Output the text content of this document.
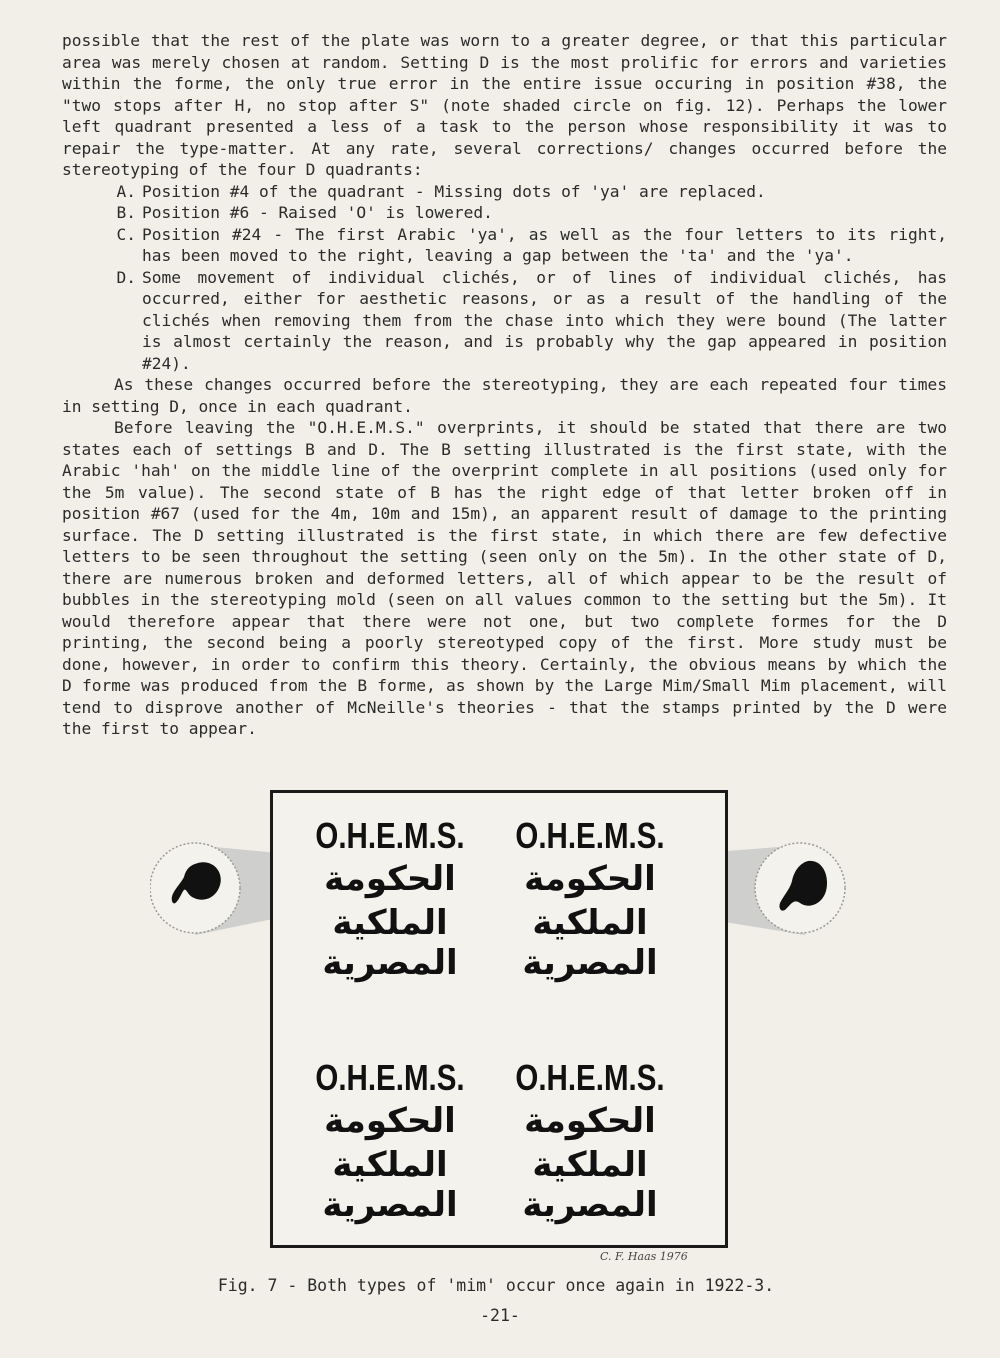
possible that the rest of the plate was worn to a greater degree, or that this particular area was merely chosen at random. Setting D is the most prolific for errors and varieties within the forme, the only true error in the entire issue occuring in position #38, the "two stops after H, no stop after S" (note shaded circle on fig. 12). Perhaps the lower left quadrant presented a less of a task to the person whose responsibility it was to repair the type-matter. At any rate, several corrections/ changes occurred before the stereotyping of the four D quadrants:

A. Position #4 of the quadrant - Missing dots of 'ya' are replaced.
B. Position #6 - Raised 'O' is lowered.
C. Position #24 - The first Arabic 'ya', as well as the four letters to its right, has been moved to the right, leaving a gap between the 'ta' and the 'ya'.
D. Some movement of individual clichés, or of lines of individual clichés, has occurred, either for aesthetic reasons, or as a result of the handling of the clichés when removing them from the chase into which they were bound (The latter is almost certainly the reason, and is probably why the gap appeared in position #24).

As these changes occurred before the stereotyping, they are each repeated four times in setting D, once in each quadrant.

Before leaving the "O.H.E.M.S." overprints, it should be stated that there are two states each of settings B and D. The B setting illustrated is the first state, with the Arabic 'hah' on the middle line of the overprint complete in all positions (used only for the 5m value). The second state of B has the right edge of that letter broken off in position #67 (used for the 4m, 10m and 15m), an apparent result of damage to the printing surface. The D setting illustrated is the first state, in which there are few defective letters to be seen throughout the setting (seen only on the 5m). In the other state of D, there are numerous broken and deformed letters, all of which appear to be the result of bubbles in the stereotyping mold (seen on all values common to the setting but the 5m). It would therefore appear that there were not one, but two complete formes for the D printing, the second being a poorly stereotyped copy of the first. More study must be done, however, in order to confirm this theory. Certainly, the obvious means by which the D forme was produced from the B forme, as shown by the Large Mim/Small Mim placement, will tend to disprove another of McNeille's theories - that the stamps printed by the D were the first to appear.

O.H.E.M.S.
الحكومة
الملكية المصرية
O.H.E.M.S.
الحكومة
الملكية المصرية
O.H.E.M.S.
الحكومة
الملكية المصرية
O.H.E.M.S.
الحكومة
الملكية المصرية
C. F. Haas 1976
Fig. 7 - Both types of 'mim' occur once again in 1922-3.
-21-
